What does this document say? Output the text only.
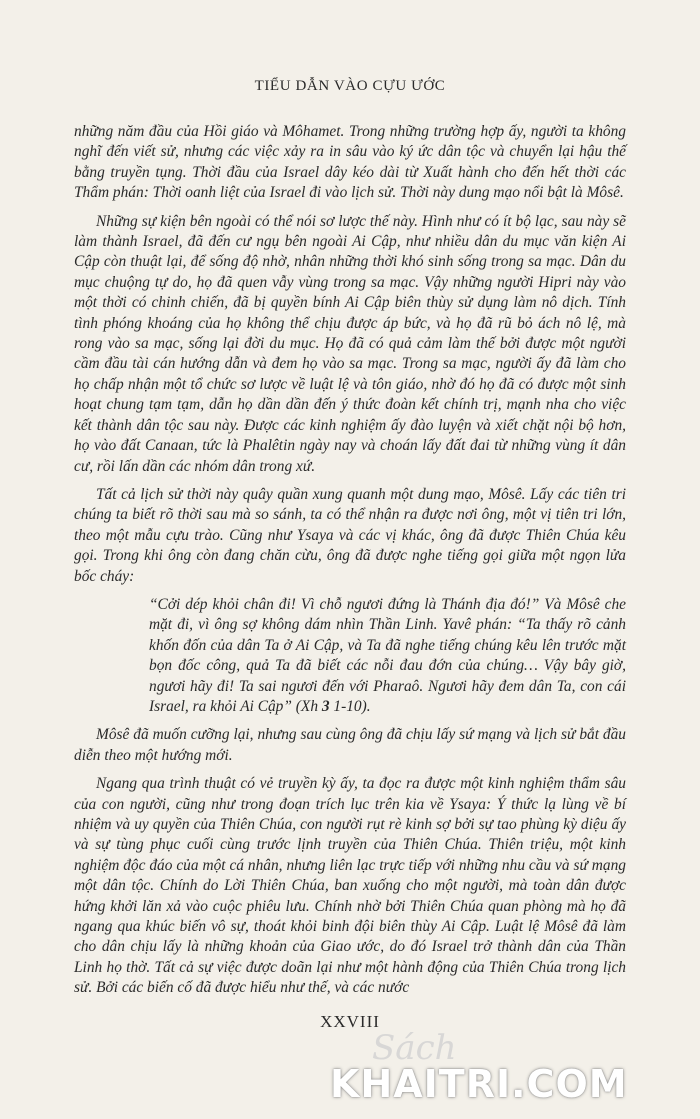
TIỂU DẪN VÀO CỰU ƯỚC

những năm đầu của Hồi giáo và Môhamet. Trong những trường hợp ấy, người ta không nghĩ đến viết sử, nhưng các việc xảy ra in sâu vào ký ức dân tộc và chuyển lại hậu thế bằng truyền tụng. Thời đầu của Israel dây kéo dài từ Xuất hành cho đến hết thời các Thẩm phán: Thời oanh liệt của Israel đi vào lịch sử. Thời này dung mạo nổi bật là Môsê.

Những sự kiện bên ngoài có thể nói sơ lược thế này. Hình như có ít bộ lạc, sau này sẽ làm thành Israel, đã đến cư ngụ bên ngoài Ai Cập, như nhiều dân du mục văn kiện Ai Cập còn thuật lại, để sống độ nhờ, nhân những thời khó sinh sống trong sa mạc. Dân du mục chuộng tự do, họ đã quen vẫy vùng trong sa mạc. Vậy những người Hipri này vào một thời có chinh chiến, đã bị quyền bính Ai Cập biên thùy sử dụng làm nô dịch. Tính tình phóng khoáng của họ không thể chịu được áp bức, và họ đã rũ bỏ ách nô lệ, mà rong vào sa mạc, sống lại đời du mục. Họ đã có quả cảm làm thế bởi được một người cầm đầu tài cán hướng dẫn và đem họ vào sa mạc. Trong sa mạc, người ấy đã làm cho họ chấp nhận một tổ chức sơ lược về luật lệ và tôn giáo, nhờ đó họ đã có được một sinh hoạt chung tạm tạm, dẫn họ dần dần đến ý thức đoàn kết chính trị, mạnh nha cho việc kết thành dân tộc sau này. Được các kinh nghiệm ấy đào luyện và xiết chặt nội bộ hơn, họ vào đất Canaan, tức là Phalêtin ngày nay và choán lấy đất đai từ những vùng ít dân cư, rồi lấn dần các nhóm dân trong xứ.

Tất cả lịch sử thời này quây quần xung quanh một dung mạo, Môsê. Lấy các tiên tri chúng ta biết rõ thời sau mà so sánh, ta có thể nhận ra được nơi ông, một vị tiên tri lớn, theo một mẫu cựu trào. Cũng như Ysaya và các vị khác, ông đã được Thiên Chúa kêu gọi. Trong khi ông còn đang chăn cừu, ông đã được nghe tiếng gọi giữa một ngọn lửa bốc cháy:

“Cởi dép khỏi chân đi! Vì chỗ ngươi đứng là Thánh địa đó!” Và Môsê che mặt đi, vì ông sợ không dám nhìn Thần Linh. Yavê phán: “Ta thấy rõ cảnh khốn đốn của dân Ta ở Ai Cập, và Ta đã nghe tiếng chúng kêu lên trước mặt bọn đốc công, quả Ta đã biết các nỗi đau đớn của chúng… Vậy bây giờ, ngươi hãy đi! Ta sai ngươi đến với Pharaô. Ngươi hãy đem dân Ta, con cái Israel, ra khỏi Ai Cập” (Xh 3 1-10).

Môsê đã muốn cưỡng lại, nhưng sau cùng ông đã chịu lấy sứ mạng và lịch sử bắt đầu diễn theo một hướng mới.

Ngang qua trình thuật có vẻ truyền kỳ ấy, ta đọc ra được một kinh nghiệm thẩm sâu của con người, cũng như trong đoạn trích lục trên kia về Ysaya: Ý thức lạ lùng về bí nhiệm và uy quyền của Thiên Chúa, con người rụt rè kinh sợ bởi sự tao phùng kỳ diệu ấy và sự tùng phục cuối cùng trước lịnh truyền của Thiên Chúa. Thiên triệu, một kinh nghiệm độc đáo của một cá nhân, nhưng liên lạc trực tiếp với những nhu cầu và sứ mạng một dân tộc. Chính do Lời Thiên Chúa, ban xuống cho một người, mà toàn dân được hứng khởi lăn xả vào cuộc phiêu lưu. Chính nhờ bởi Thiên Chúa quan phòng mà họ đã ngang qua khúc biến vô sự, thoát khỏi binh đội biên thùy Ai Cập. Luật lệ Môsê đã làm cho dân chịu lấy là những khoản của Giao ước, do đó Israel trở thành dân của Thần Linh họ thờ. Tất cả sự việc được doãn lại như một hành động của Thiên Chúa trong lịch sử. Bởi các biến cố đã được hiểu như thế, và các nước

XXVIII
Sách
KHAITRI.COM
